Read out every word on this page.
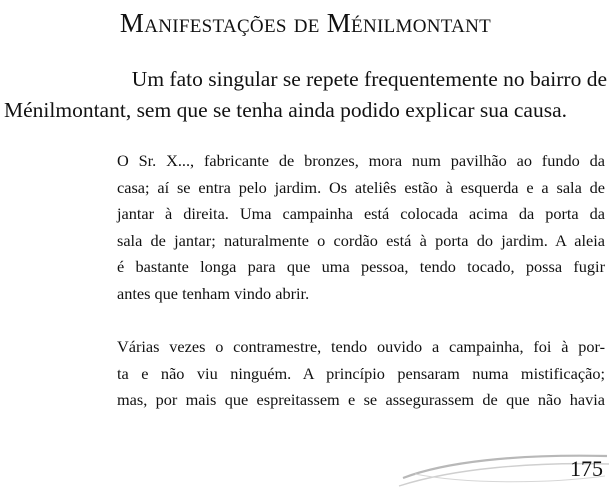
Manifestações de Ménilmontant

Um fato singular se repete frequentemente no bairro de
Ménilmontant, sem que se tenha ainda podido explicar sua causa.

O Sr. X..., fabricante de bronzes, mora num pavilhão ao fundo da
casa; aí se entra pelo jardim. Os ateliês estão à esquerda e a sala de
jantar à direita. Uma campainha está colocada acima da porta da
sala de jantar; naturalmente o cordão está à porta do jardim. A aleia
é bastante longa para que uma pessoa, tendo tocado, possa fugir
antes que tenham vindo abrir.

Várias vezes o contramestre, tendo ouvido a campainha, foi à por-
ta e não viu ninguém. A princípio pensaram numa mistificação;
mas, por mais que espreitassem e se assegurassem de que não havia

175
